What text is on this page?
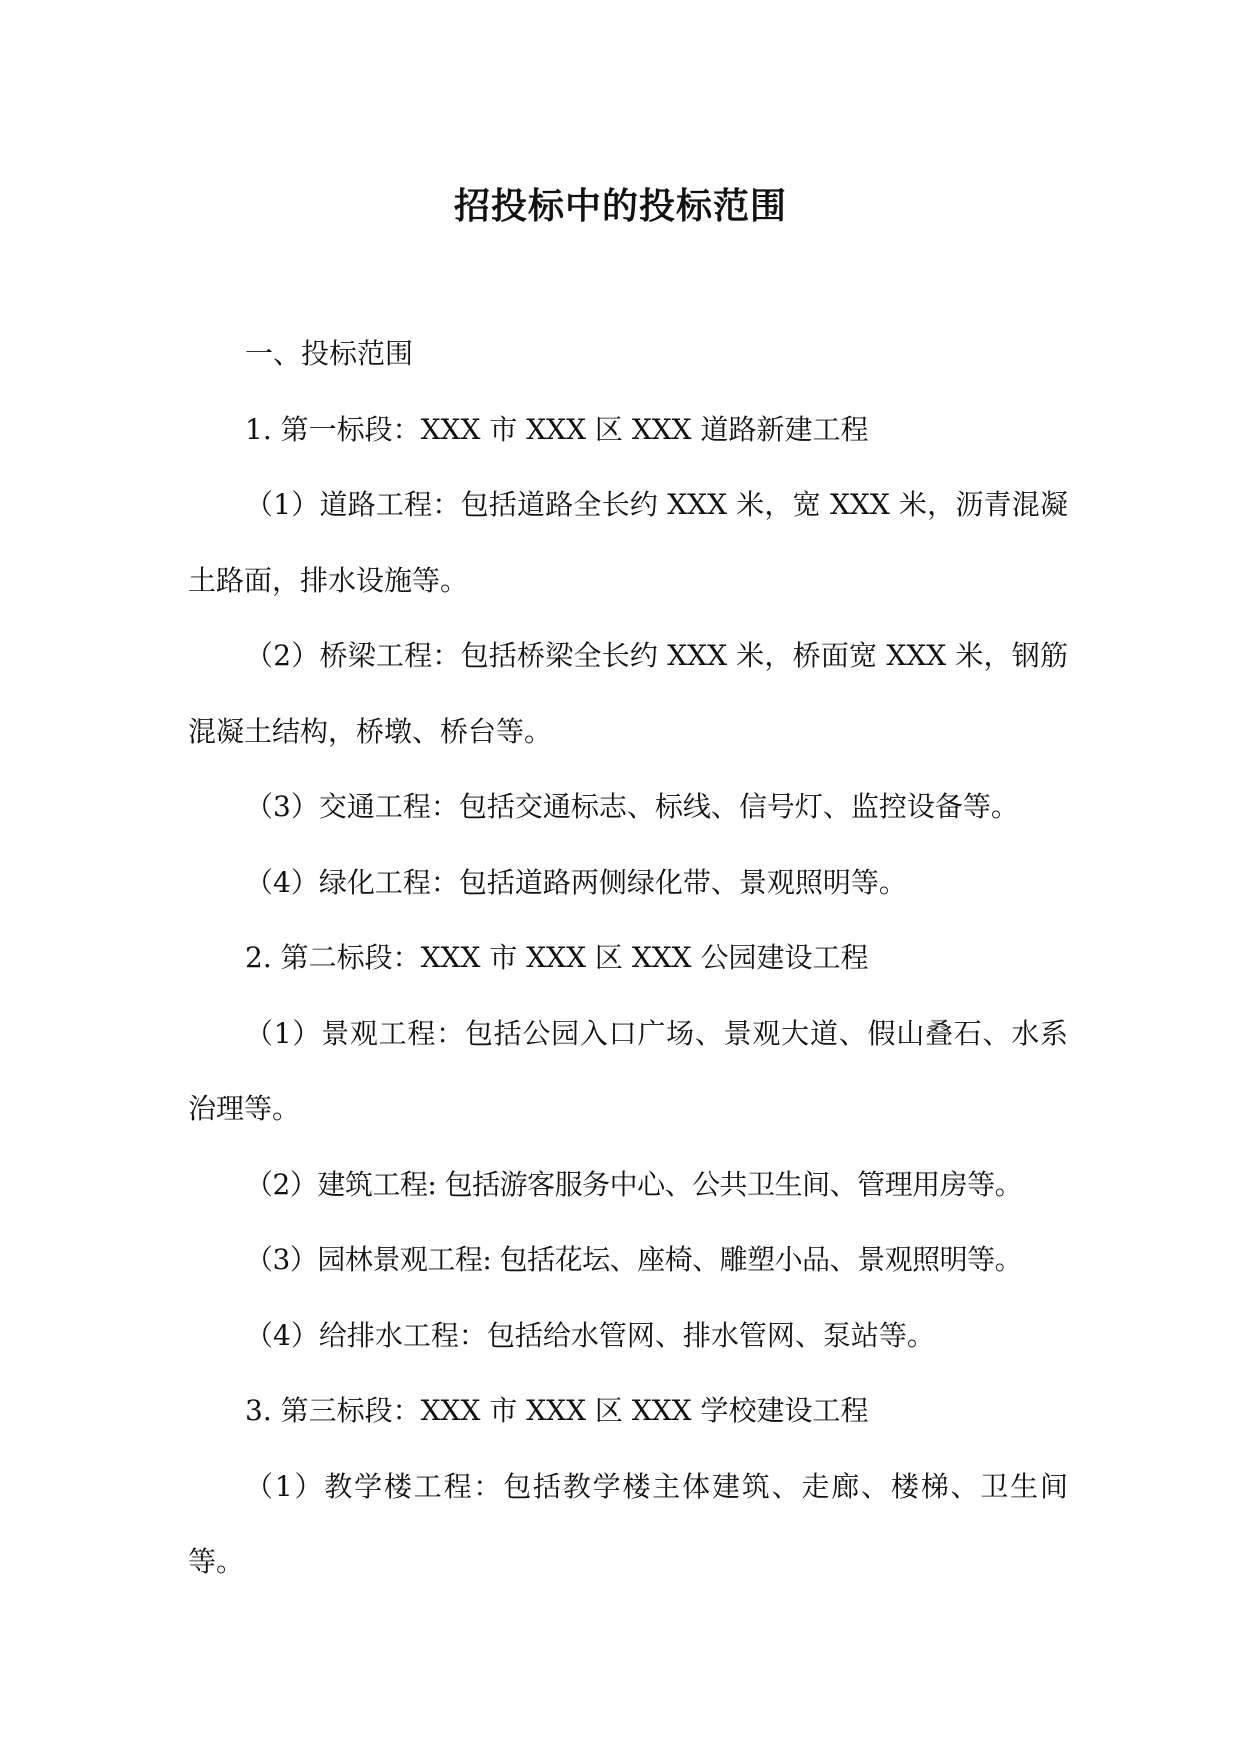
招投标中的投标范围

一、投标范围

1. 第一标段：XXX 市 XXX 区 XXX 道路新建工程

（1）道路工程：包括道路全长约 XXX 米，宽 XXX 米，沥青混凝土路面，排水设施等。

（2）桥梁工程：包括桥梁全长约 XXX 米，桥面宽 XXX 米，钢筋混凝土结构，桥墩、桥台等。

（3）交通工程：包括交通标志、标线、信号灯、监控设备等。

（4）绿化工程：包括道路两侧绿化带、景观照明等。

2. 第二标段：XXX 市 XXX 区 XXX 公园建设工程

（1）景观工程：包括公园入口广场、景观大道、假山叠石、水系治理等。

（2）建筑工程: 包括游客服务中心、公共卫生间、管理用房等。

（3）园林景观工程: 包括花坛、座椅、雕塑小品、景观照明等。

（4）给排水工程：包括给水管网、排水管网、泵站等。

3. 第三标段：XXX 市 XXX 区 XXX 学校建设工程

（1）教学楼工程：包括教学楼主体建筑、走廊、楼梯、卫生间等。
